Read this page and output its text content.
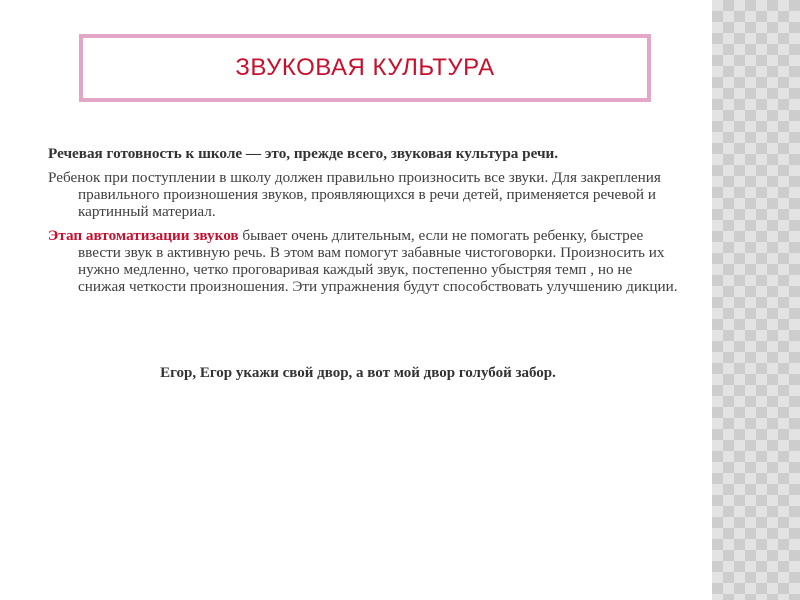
ЗВУКОВАЯ КУЛЬТУРА

Речевая готовность к школе — это, прежде всего, звуковая культура речи.

Ребенок при поступлении в школу должен правильно произносить все звуки. Для закрепления правильного произношения звуков, проявляющихся в речи детей, применяется речевой и картинный материал.

Этап автоматизации звуков бывает очень длительным, если не помогать ребенку, быстрее ввести звук в активную речь. В этом вам помогут забавные чистоговорки. Произносить их нужно медленно, четко проговаривая каждый звук, постепенно убыстряя темп , но не снижая четкости произношения. Эти упражнения будут способствовать улучшению дикции.

Егор, Егор укажи свой двор, а вот мой двор голубой забор.
